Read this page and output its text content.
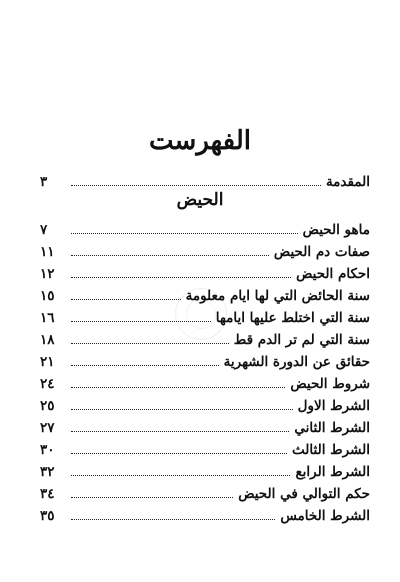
الفهرست
المقدمة
٣
الحيض
ماهو الحيض
٧
صفات دم الحيض
١١
احكام الحيض
١٢
سنة الحائض التي لها ايام معلومة
١٥
سنة التي اختلط عليها ايامها
١٦
سنة التي لم تر الدم قط
١٨
حقائق عن الدورة الشهرية
٢١
شروط الحيض
٢٤
الشرط الاول
٢٥
الشرط الثاني
٢٧
الشرط الثالث
٣٠
الشرط الرابع
٣٢
حكم التوالي في الحيض
٣٤
الشرط الخامس
٣٥
